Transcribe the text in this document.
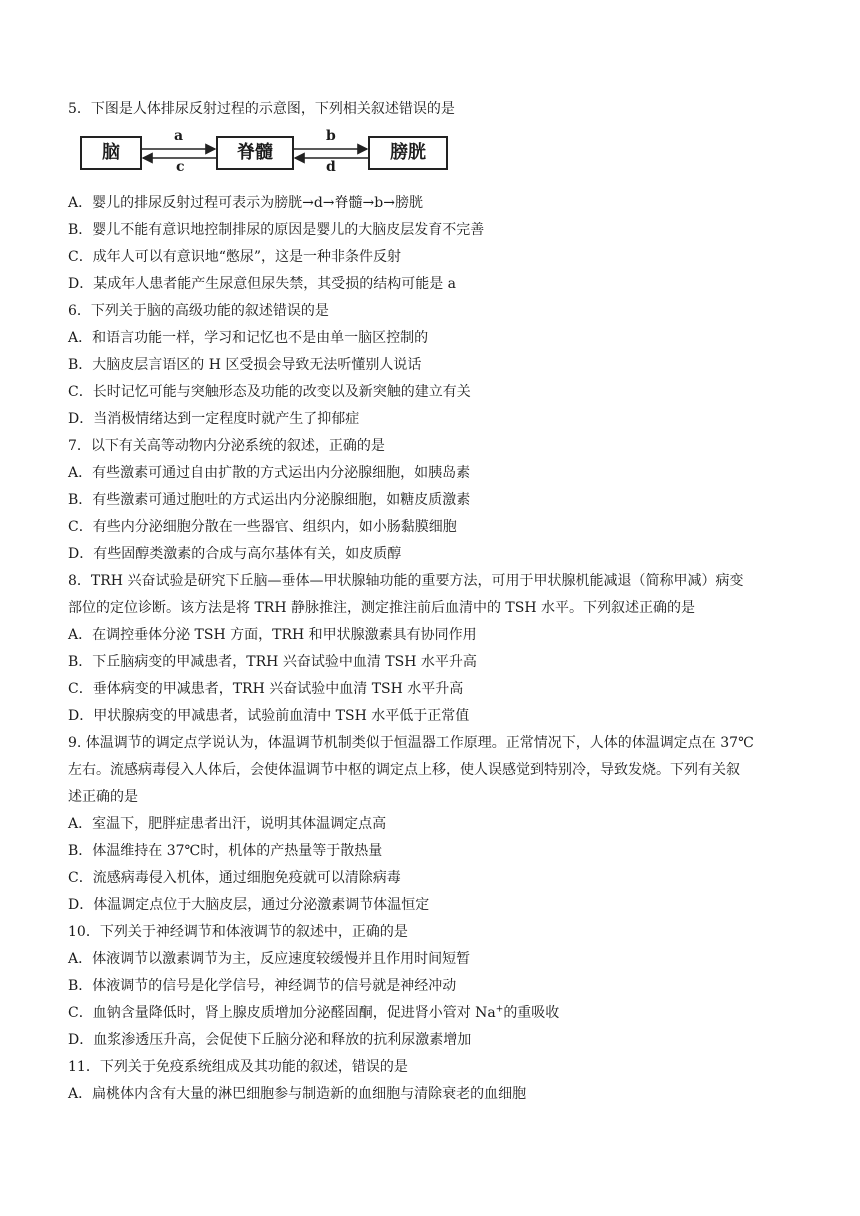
5．下图是人体排尿反射过程的示意图，下列相关叙述错误的是
脑	脊髓	膀胱
a
c
b
d
A．婴儿的排尿反射过程可表示为膀胱→d→脊髓→b→膀胱
B．婴儿不能有意识地控制排尿的原因是婴儿的大脑皮层发育不完善
C．成年人可以有意识地“憋尿”，这是一种非条件反射
D．某成年人患者能产生尿意但尿失禁，其受损的结构可能是 a
6．下列关于脑的高级功能的叙述错误的是
A．和语言功能一样，学习和记忆也不是由单一脑区控制的
B．大脑皮层言语区的 H 区受损会导致无法听懂别人说话
C．长时记忆可能与突触形态及功能的改变以及新突触的建立有关
D．当消极情绪达到一定程度时就产生了抑郁症
7．以下有关高等动物内分泌系统的叙述，正确的是
A．有些激素可通过自由扩散的方式运出内分泌腺细胞，如胰岛素
B．有些激素可通过胞吐的方式运出内分泌腺细胞，如糖皮质激素
C．有些内分泌细胞分散在一些器官、组织内，如小肠黏膜细胞
D．有些固醇类激素的合成与高尔基体有关，如皮质醇
8．TRH 兴奋试验是研究下丘脑—垂体—甲状腺轴功能的重要方法，可用于甲状腺机能减退（简称甲减）病变
部位的定位诊断。该方法是将 TRH 静脉推注，测定推注前后血清中的 TSH 水平。下列叙述正确的是
A．在调控垂体分泌 TSH 方面，TRH 和甲状腺激素具有协同作用
B．下丘脑病变的甲减患者，TRH 兴奋试验中血清 TSH 水平升高
C．垂体病变的甲减患者，TRH 兴奋试验中血清 TSH 水平升高
D．甲状腺病变的甲减患者，试验前血清中 TSH 水平低于正常值
9. 体温调节的调定点学说认为，体温调节机制类似于恒温器工作原理。正常情况下，人体的体温调定点在 37℃
左右。流感病毒侵入人体后，会使体温调节中枢的调定点上移，使人误感觉到特别冷，导致发烧。下列有关叙
述正确的是
A．室温下，肥胖症患者出汗，说明其体温调定点高
B．体温维持在 37℃时，机体的产热量等于散热量
C．流感病毒侵入机体，通过细胞免疫就可以清除病毒
D．体温调定点位于大脑皮层，通过分泌激素调节体温恒定
10．下列关于神经调节和体液调节的叙述中，正确的是
A．体液调节以激素调节为主，反应速度较缓慢并且作用时间短暂
B．体液调节的信号是化学信号，神经调节的信号就是神经冲动
C．血钠含量降低时，肾上腺皮质增加分泌醛固酮，促进肾小管对 Na+的重吸收
D．血浆渗透压升高，会促使下丘脑分泌和释放的抗利尿激素增加
11．下列关于免疫系统组成及其功能的叙述，错误的是
A．扁桃体内含有大量的淋巴细胞参与制造新的血细胞与清除衰老的血细胞
